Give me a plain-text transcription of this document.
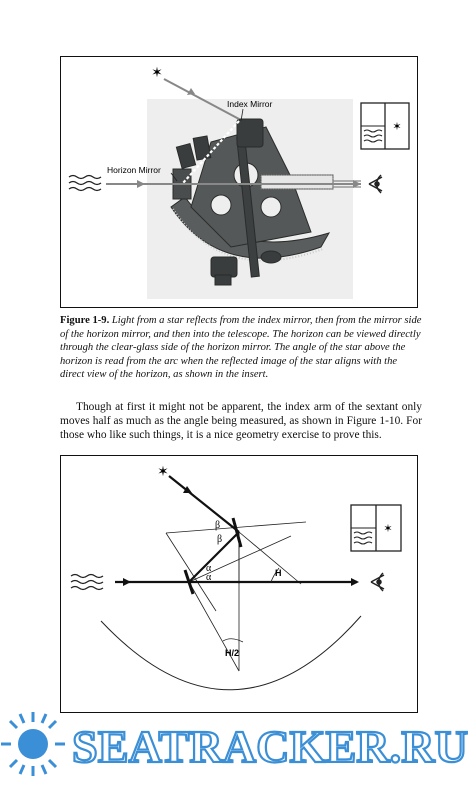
✶
Index Mirror
Horizon Mirror
✶
Figure 1-9. Light from a star reflects from the index mirror, then from the mirror side of the horizon mirror, and then into the telescope. The horizon can be viewed directly through the clear-glass side of the horizon mirror. The angle of the star above the horizon is read from the arc when the reflected image of the star aligns with the direct view of the horizon, as shown in the insert.
Though at first it might not be apparent, the index arm of the sextant only moves half as much as the angle being measured, as shown in Figure 1-10. For those who like such things, it is a nice geometry exercise to prove this.
✶
β
β
α
α	H
H/2
✶
SEATRACKER.RU
